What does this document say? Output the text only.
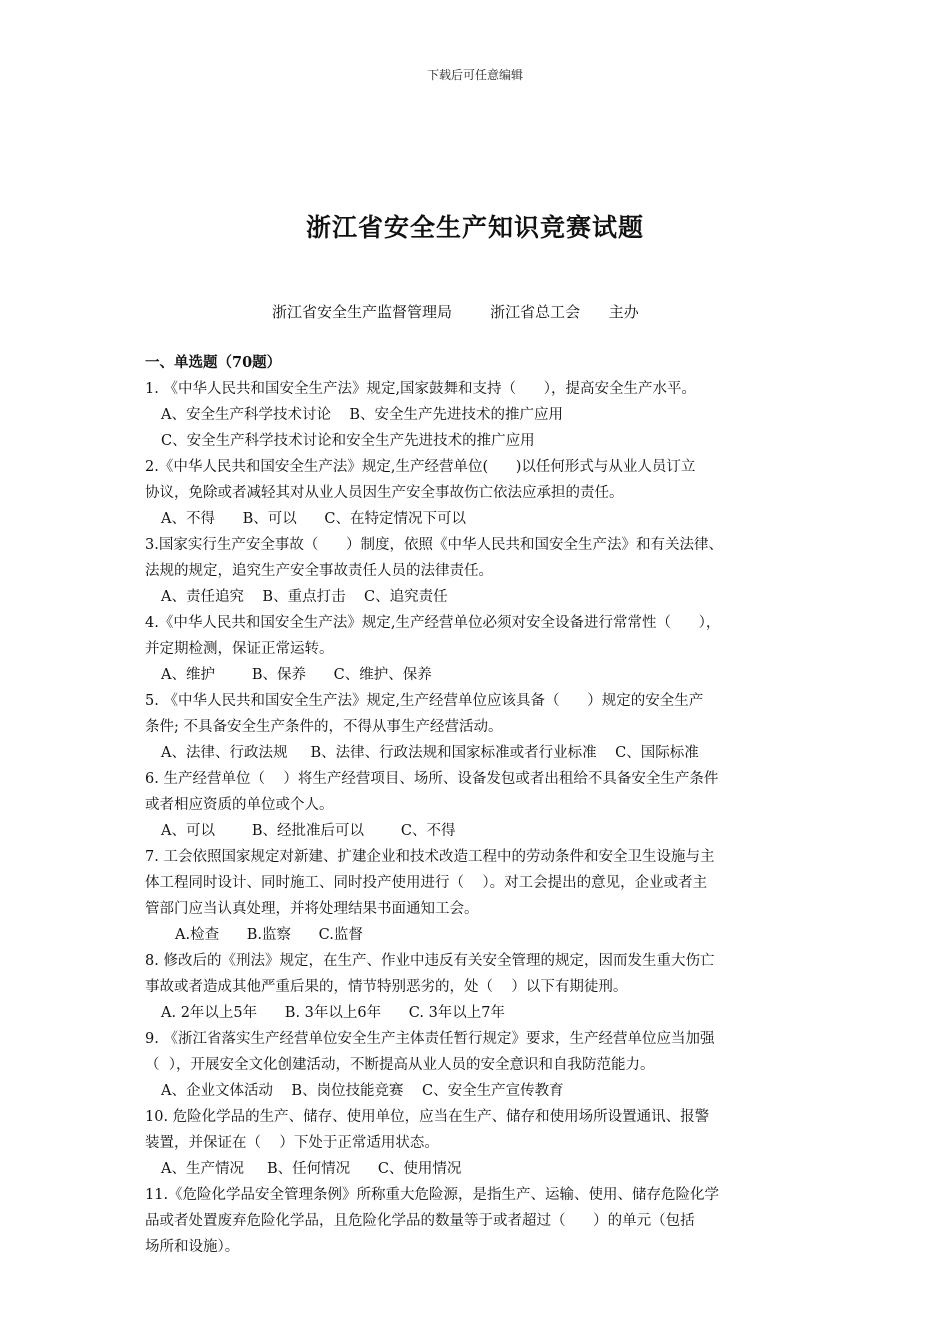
下载后可任意编辑
浙江省安全生产知识竞赛试题
浙江省安全生产监督管理局	浙江省总工会 主办
一、单选题（70题）
1. 《中华人民共和国安全生产法》规定,国家鼓舞和支持（      ），提高安全生产水平。
A、安全生产科学技术讨论    B、安全生产先进技术的推广应用
C、安全生产科学技术讨论和安全生产先进技术的推广应用
2.《中华人民共和国安全生产法》规定,生产经营单位(      )以任何形式与从业人员订立
协议，免除或者减轻其对从业人员因生产安全事故伤亡依法应承担的责任。
A、不得      B、可以      C、在特定情况下可以
3.国家实行生产安全事故（      ）制度，依照《中华人民共和国安全生产法》和有关法律、
法规的规定，追究生产安全事故责任人员的法律责任。
A、责任追究    B、重点打击    C、追究责任
4.《中华人民共和国安全生产法》规定,生产经营单位必须对安全设备进行常常性（      ），
并定期检测，保证正常运转。
A、维护        B、保养      C、维护、保养
5. 《中华人民共和国安全生产法》规定,生产经营单位应该具备（      ）规定的安全生产
条件; 不具备安全生产条件的，不得从事生产经营活动。
A、法律、行政法规     B、法律、行政法规和国家标准或者行业标准    C、国际标准
6. 生产经营单位（    ）将生产经营项目、场所、设备发包或者出租给不具备安全生产条件
或者相应资质的单位或个人。
A、可以        B、经批准后可以        C、不得
7. 工会依照国家规定对新建、扩建企业和技术改造工程中的劳动条件和安全卫生设施与主
体工程同时设计、同时施工、同时投产使用进行（    ）。对工会提出的意见，企业或者主
管部门应当认真处理，并将处理结果书面通知工会。
A.检查      B.监察      C.监督
8. 修改后的《刑法》规定，在生产、作业中违反有关安全管理的规定，因而发生重大伤亡
事故或者造成其他严重后果的，情节特别恶劣的，处（    ）以下有期徒刑。
A. 2年以上5年      B. 3年以上6年      C. 3年以上7年
9. 《浙江省落实生产经营单位安全生产主体责任暂行规定》要求，生产经营单位应当加强
（  ），开展安全文化创建活动，不断提高从业人员的安全意识和自我防范能力。
A、企业文体活动    B、岗位技能竞赛    C、安全生产宣传教育
10. 危险化学品的生产、储存、使用单位，应当在生产、储存和使用场所设置通讯、报警
装置，并保证在（    ）下处于正常适用状态。
A、生产情况     B、任何情况      C、使用情况
11.《危险化学品安全管理条例》所称重大危险源，是指生产、运输、使用、储存危险化学
品或者处置废弃危险化学品，且危险化学品的数量等于或者超过（      ）的单元（包括
场所和设施）。
